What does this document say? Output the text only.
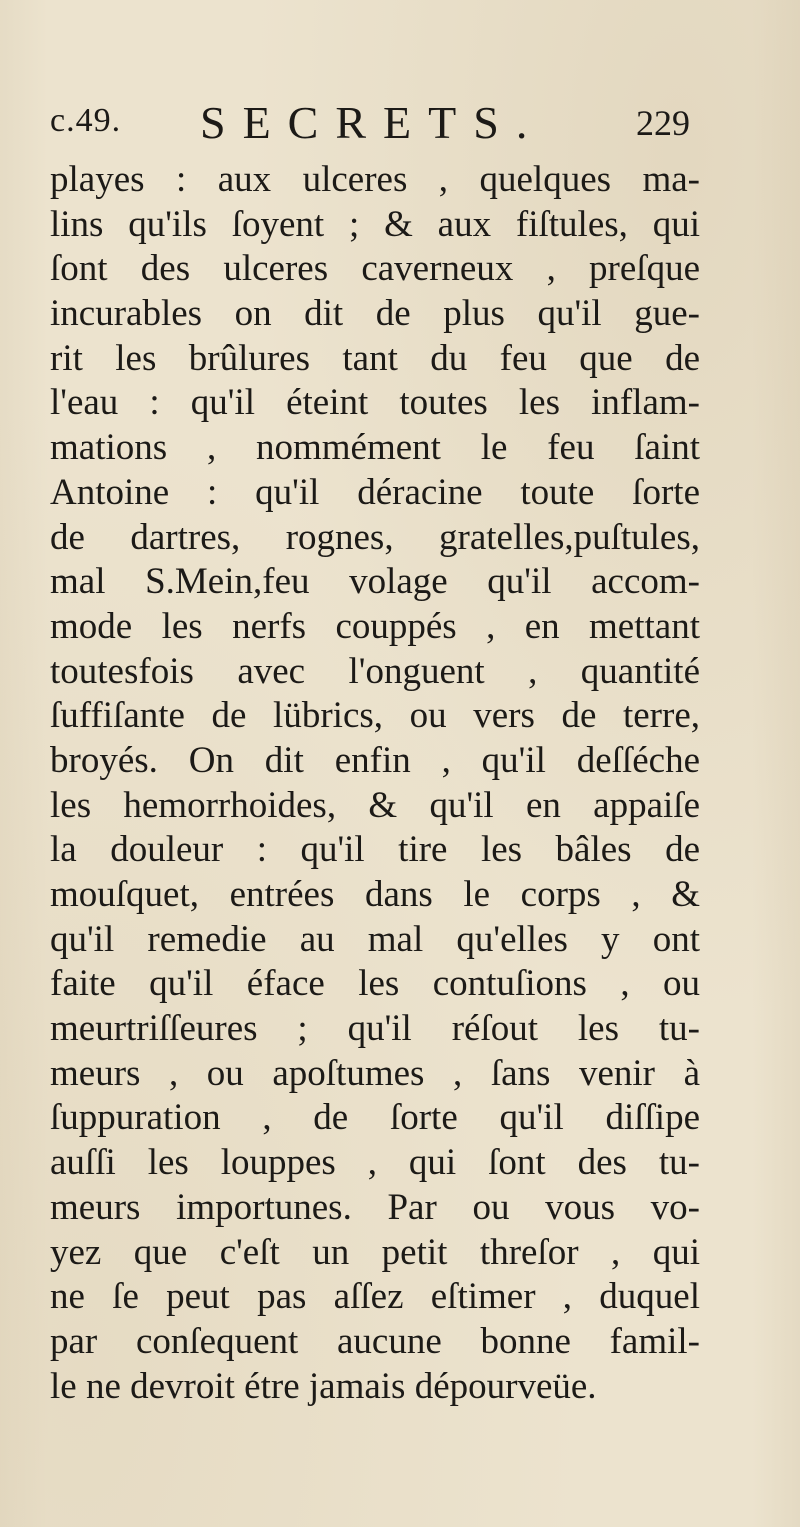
c.49. SECRETS.	229
playes : aux ulceres , quelques ma-
lins qu'ils ſoyent ; & aux fiſtules, qui
ſont des ulceres caverneux , preſque
incurables on dit de plus qu'il gue-
rit les brûlures tant du feu que de
l'eau : qu'il éteint toutes les inflam-
mations , nommément le feu ſaint
Antoine : qu'il déracine toute ſorte
de dartres, rognes, gratelles,puſtules,
mal S.Mein,feu volage qu'il accom-
mode les nerfs couppés , en mettant
toutesfois avec l'onguent , quantité
ſuffiſante de lübrics, ou vers de terre,
broyés. On dit enfin , qu'il deſſéche
les hemorrhoides, & qu'il en appaiſe
la douleur : qu'il tire les bâles de
mouſquet, entrées dans le corps , &
qu'il remedie au mal qu'elles y ont
faite qu'il éface les contuſions , ou
meurtriſſeures ; qu'il réſout les tu-
meurs , ou apoſtumes , ſans venir à
ſuppuration , de ſorte qu'il diſſipe
auſſi les louppes , qui ſont des tu-
meurs importunes. Par ou vous vo-
yez que c'eſt un petit threſor , qui
ne ſe peut pas aſſez eſtimer , duquel
par conſequent aucune bonne famil-
le ne devroit étre jamais dépourveüe.
